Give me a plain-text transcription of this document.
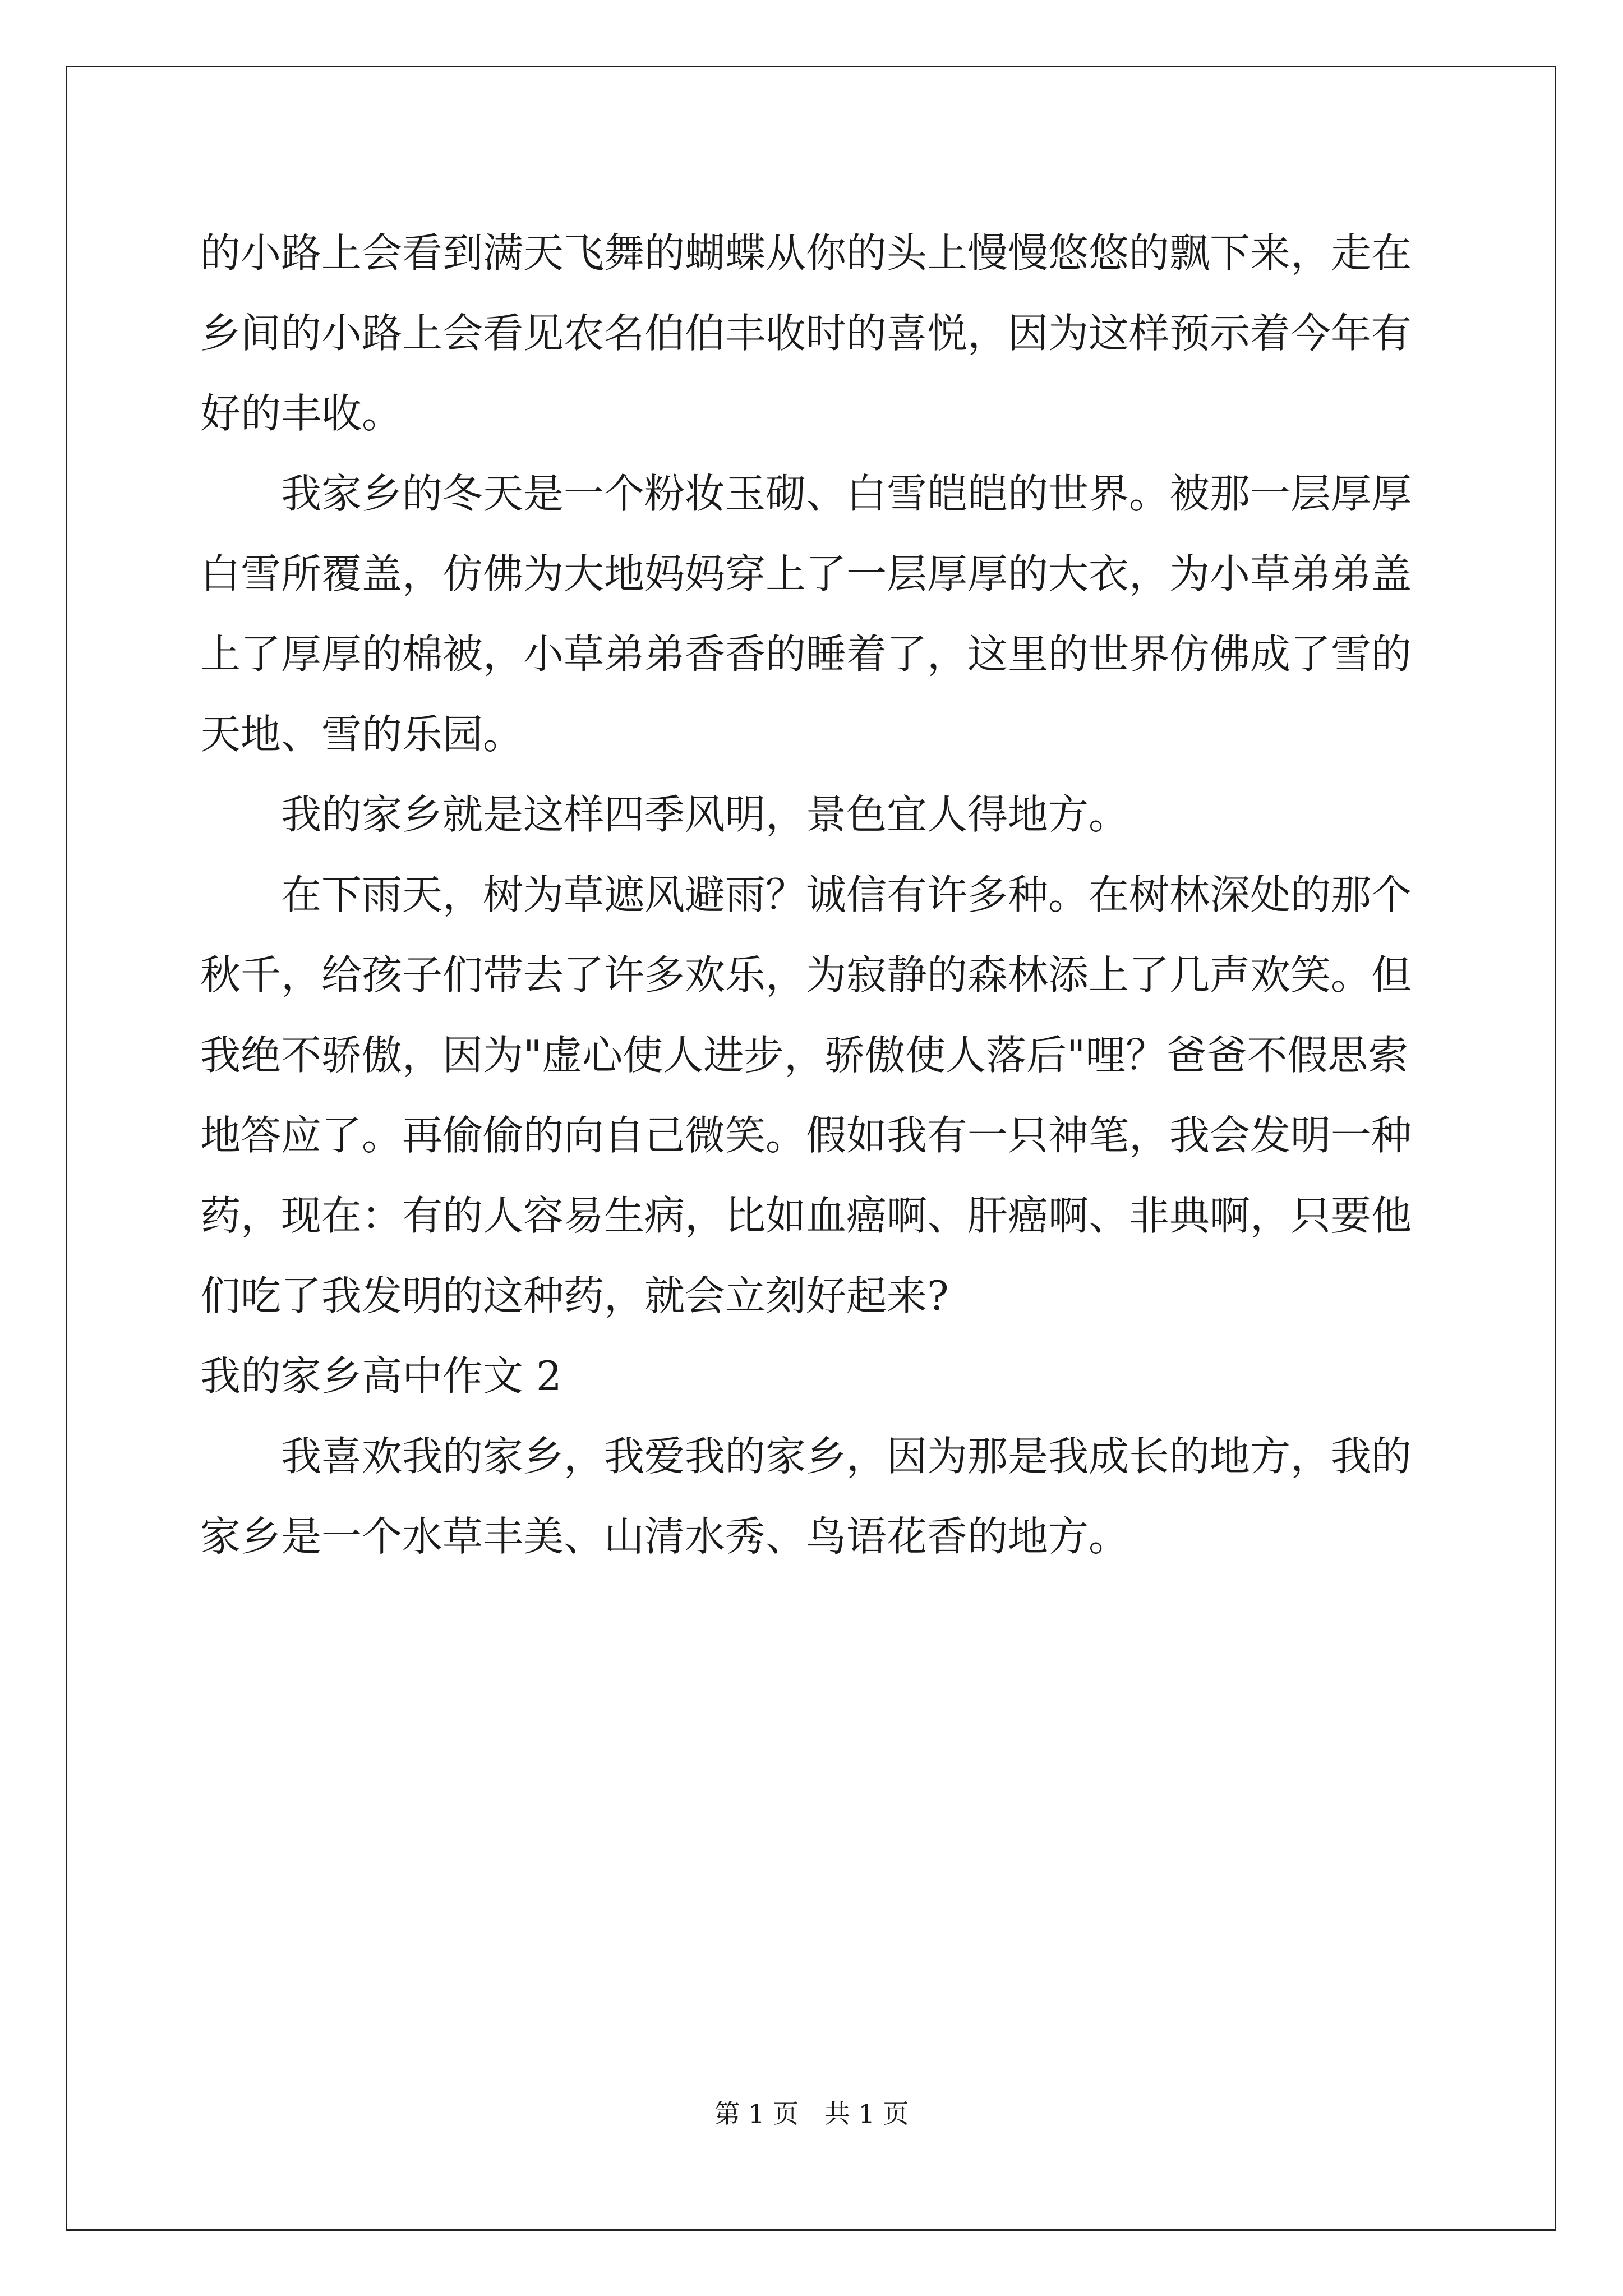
的小路上会看到满天飞舞的蝴蝶从你的头上慢慢悠悠的飘下来，走在
乡间的小路上会看见农名伯伯丰收时的喜悦，因为这样预示着今年有
好的丰收。
我家乡的冬天是一个粉妆玉砌、白雪皑皑的世界。被那一层厚厚
白雪所覆盖，仿佛为大地妈妈穿上了一层厚厚的大衣，为小草弟弟盖
上了厚厚的棉被，小草弟弟香香的睡着了，这里的世界仿佛成了雪的
天地、雪的乐园。
我的家乡就是这样四季风明，景色宜人得地方。
在下雨天，树为草遮风避雨？诚信有许多种。在树林深处的那个
秋千，给孩子们带去了许多欢乐，为寂静的森林添上了几声欢笑。但
我绝不骄傲，因为"虚心使人进步，骄傲使人落后"哩？爸爸不假思索
地答应了。再偷偷的向自己微笑。假如我有一只神笔，我会发明一种
药，现在：有的人容易生病，比如血癌啊、肝癌啊、非典啊，只要他
们吃了我发明的这种药，就会立刻好起来?
我的家乡高中作文 2
我喜欢我的家乡，我爱我的家乡，因为那是我成长的地方，我的
家乡是一个水草丰美、山清水秀、鸟语花香的地方。
第 1 页　共 1 页
